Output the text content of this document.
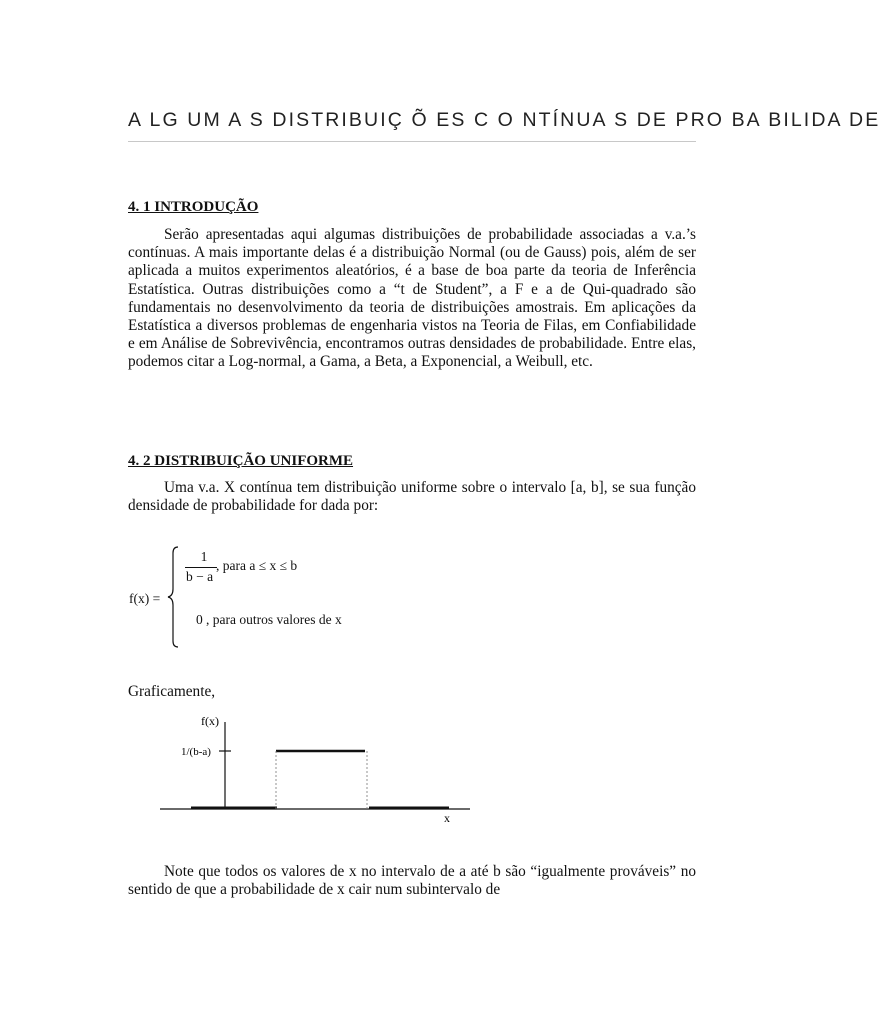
A LG UM A S DISTRIBUIÇ Õ ES C O NTÍNUA S DE PRO BA BILIDA DE
4. 1 INTRODUÇÃO

Serão apresentadas aqui algumas distribuições de probabilidade associadas a v.a.’s contínuas. A mais importante delas é a distribuição Normal (ou de Gauss) pois, além de ser aplicada a muitos experimentos aleatórios, é a base de boa parte da teoria de Inferência Estatística. Outras distribuições como a “t de Student”, a F e a de Qui-quadrado são fundamentais no desenvolvimento da teoria de distribuições amostrais. Em aplicações da Estatística a diversos problemas de engenharia vistos na Teoria de Filas, em Confiabilidade e em Análise de Sobrevivência, encontramos outras densidades de probabilidade. Entre elas, podemos citar a Log-normal, a Gama, a Beta, a Exponencial, a Weibull, etc.

4. 2 DISTRIBUIÇÃO UNIFORME

Uma v.a. X contínua tem distribuição uniforme sobre o intervalo [a, b], se sua função densidade de probabilidade for dada por:

f(x) =
1
b − a
, para a ≤ x ≤ b
0 , para outros valores de x
Graficamente,
f(x)
1/(b-a)
x

Note que todos os valores de x no intervalo de a até b são “igualmente prováveis” no sentido de que a probabilidade de x cair num subintervalo de
